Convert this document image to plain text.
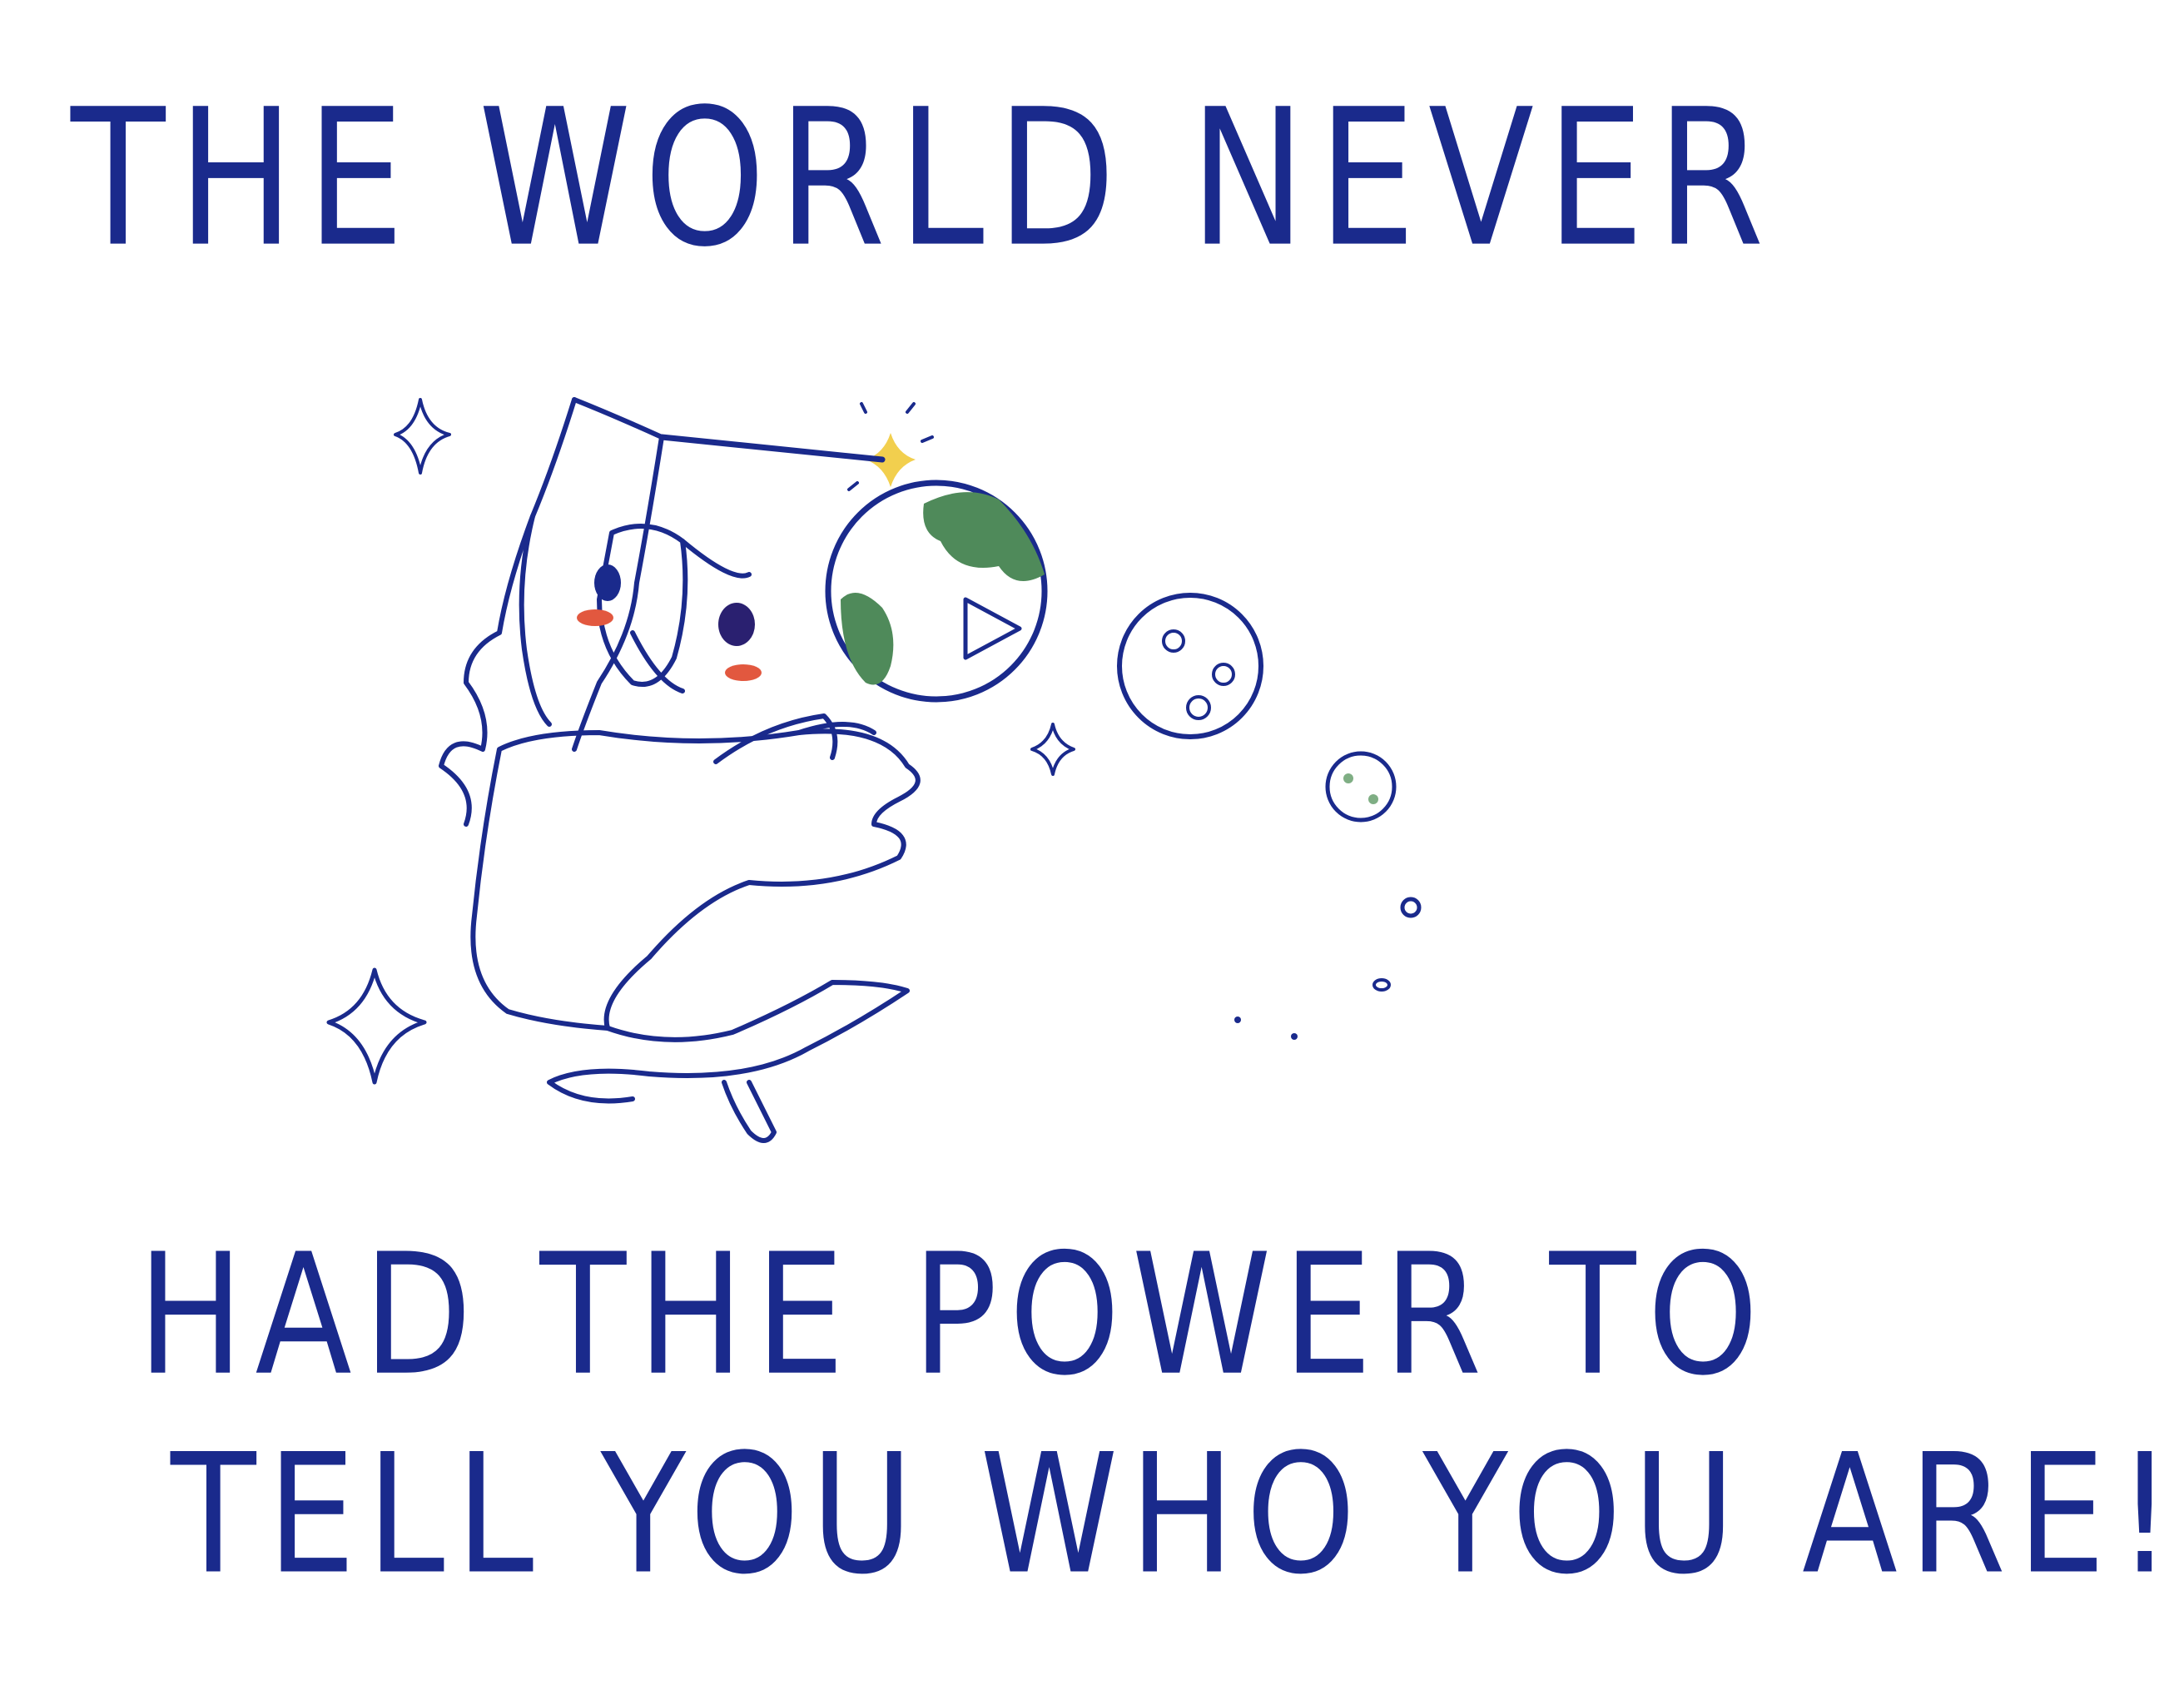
THE WORLD NEVER
HAD THE POWER TO
TELL YOU WHO YOU ARE!
